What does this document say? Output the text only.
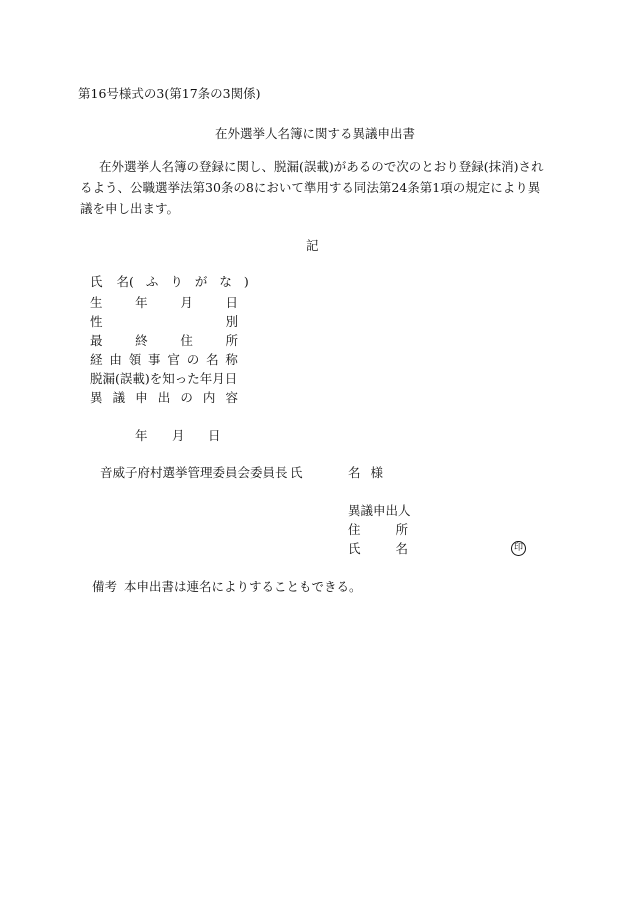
第16号様式の3(第17条の3関係)
在外選挙人名簿に関する異議申出書
在外選挙人名簿の登録に関し、脱漏(誤載)があるので次のとおり登録(抹消)されるよう、公職選挙法第30条の8において準用する同法第24条第1項の規定により異議を申し出ます。
記
氏 名 (ふりがな)
生	年	月	日
性	別
最	終	住	所
経 由 領 事 官 の 名 称
脱漏(誤載)を知った年月日
異 議 申 出 の 内 容
年 月 日
音威子府村選挙管理委員会委員長 氏	名 様
異議申出人
住	所
氏	名	印
備考 本申出書は連名によりすることもできる。
